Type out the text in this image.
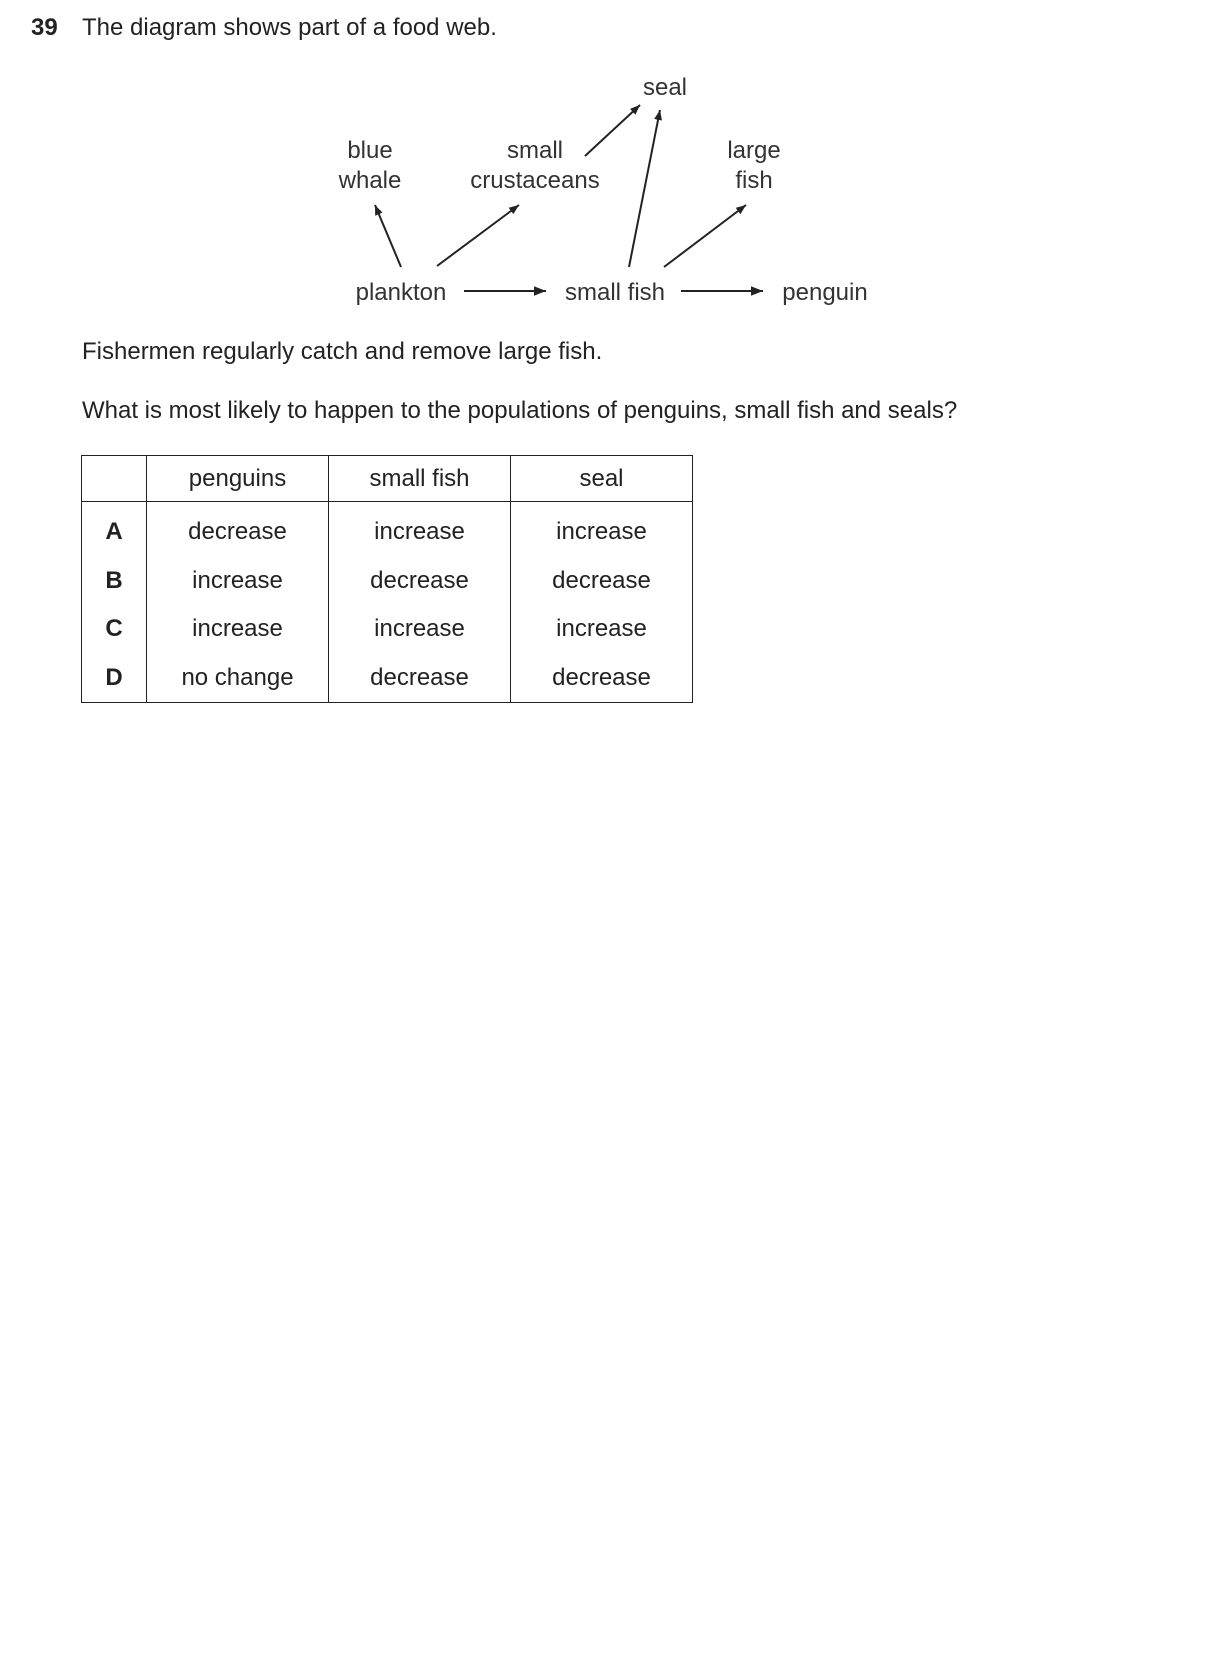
39 The diagram shows part of a food web.
seal
blue
whale
small
crustaceans
large
fish
plankton	small fish	penguin
Fishermen regularly catch and remove large fish.
What is most likely to happen to the populations of penguins, small fish and seals?
	penguins	small fish	seal
A	decrease	increase	increase
B	increase	decrease	decrease
C	increase	increase	increase
D	no change	decrease	decrease
